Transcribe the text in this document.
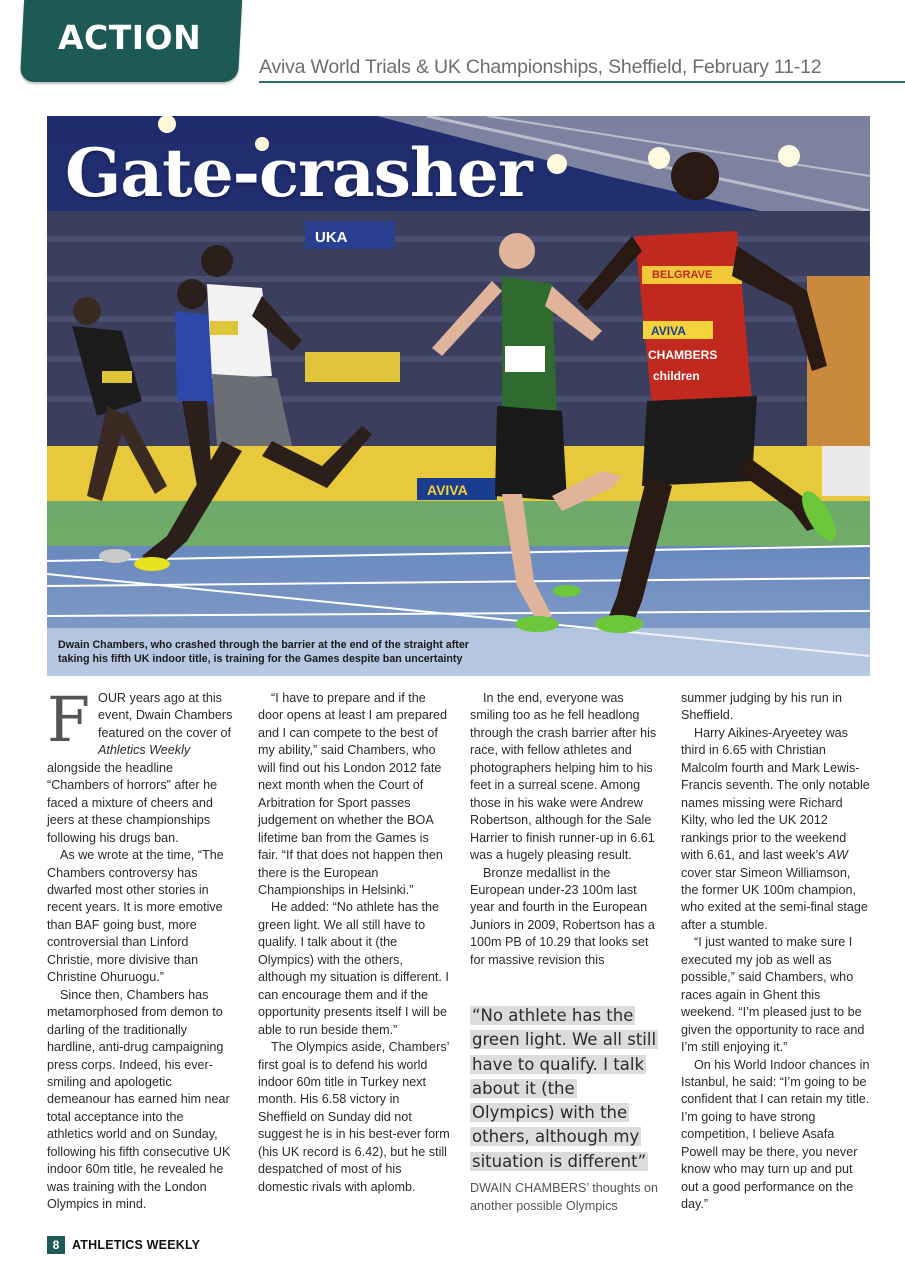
ACTION
Aviva World Trials & UK Championships, Sheffield, February 11-12
UKA
AVIVA
BELGRAVE
AVIVA
CHAMBERS
children
Gate-crasher
Dwain Chambers, who crashed through the barrier at the end of the straight after taking his fifth UK indoor title, is training for the Games despite ban uncertainty

FOUR years ago at this event, Dwain Chambers featured on the cover of Athletics Weekly alongside the headline “Chambers of horrors” after he faced a mixture of cheers and jeers at these championships following his drugs ban.

As we wrote at the time, “The Chambers controversy has dwarfed most other stories in recent years. It is more emotive than BAF going bust, more controversial than Linford Christie, more divisive than Christine Ohuruogu.”

Since then, Chambers has metamorphosed from demon to darling of the traditionally hardline, anti-drug campaigning press corps. Indeed, his ever-smiling and apologetic demeanour has earned him near total acceptance into the athletics world and on Sunday, following his fifth consecutive UK indoor 60m title, he revealed he was training with the London Olympics in mind.

“I have to prepare and if the door opens at least I am prepared and I can compete to the best of my ability,” said Chambers, who will find out his London 2012 fate next month when the Court of Arbitration for Sport passes judgement on whether the BOA lifetime ban from the Games is fair. “If that does not happen then there is the European Championships in Helsinki.”

He added: “No athlete has the green light. We all still have to qualify. I talk about it (the Olympics) with the others, although my situation is different. I can encourage them and if the opportunity presents itself I will be able to run beside them.”

The Olympics aside, Chambers’ first goal is to defend his world indoor 60m title in Turkey next month. His 6.58 victory in Sheffield on Sunday did not suggest he is in his best-ever form (his UK record is 6.42), but he still despatched of most of his domestic rivals with aplomb.

In the end, everyone was smiling too as he fell headlong through the crash barrier after his race, with fellow athletes and photographers helping him to his feet in a surreal scene. Among those in his wake were Andrew Robertson, although for the Sale Harrier to finish runner-up in 6.61 was a hugely pleasing result.

Bronze medallist in the European under-23 100m last year and fourth in the European Juniors in 2009, Robertson has a 100m PB of 10.29 that looks set for massive revision this

“No athlete has the green light. We all still have to qualify. I talk about it (the Olympics) with the others, although my situation is different”
DWAIN CHAMBERS’ thoughts on another possible Olympics

summer judging by his run in Sheffield.

Harry Aikines-Aryeetey was third in 6.65 with Christian Malcolm fourth and Mark Lewis-Francis seventh. The only notable names missing were Richard Kilty, who led the UK 2012 rankings prior to the weekend with 6.61, and last week’s AW cover star Simeon Williamson, the former UK 100m champion, who exited at the semi-final stage after a stumble.

“I just wanted to make sure I executed my job as well as possible,” said Chambers, who races again in Ghent this weekend. “I’m pleased just to be given the opportunity to race and I’m still enjoying it.”

On his World Indoor chances in Istanbul, he said: “I’m going to be confident that I can retain my title. I’m going to have strong competition, I believe Asafa Powell may be there, you never know who may turn up and put out a good performance on the day.”

8	ATHLETICS WEEKLY
